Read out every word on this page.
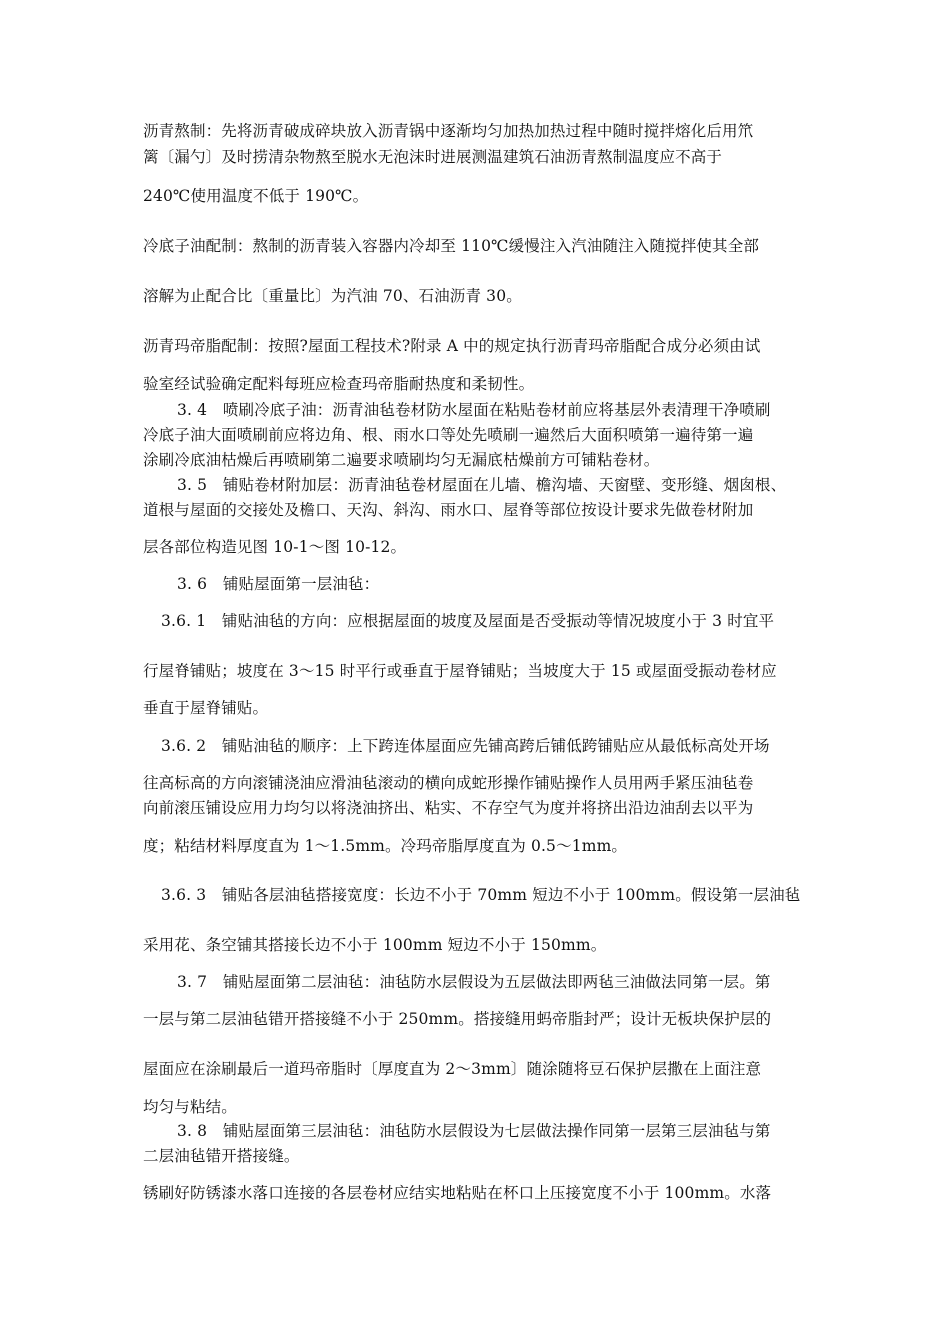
沥青熬制：先将沥青破成碎块放入沥青锅中逐渐均匀加热加热过程中随时搅拌熔化后用笊
篱〔漏勺〕及时捞清杂物熬至脱水无泡沫时进展测温建筑石油沥青熬制温度应不高于
240℃使用温度不低于 190℃。
冷底子油配制：熬制的沥青装入容器内冷却至 110℃缓慢注入汽油随注入随搅拌使其全部
溶解为止配合比〔重量比〕为汽油 70、石油沥青 30。
沥青玛帝脂配制：按照?屋面工程技术?附录 A 中的规定执行沥青玛帝脂配合成分必须由试
验室经试验确定配料每班应检查玛帝脂耐热度和柔韧性。
3. 4　喷刷冷底子油：沥青油毡卷材防水屋面在粘贴卷材前应将基层外表清理干净喷刷
冷底子油大面喷刷前应将边角、根、雨水口等处先喷刷一遍然后大面积喷第一遍待第一遍
涂刷冷底油枯燥后再喷刷第二遍要求喷刷均匀无漏底枯燥前方可铺粘卷材。
3. 5　铺贴卷材附加层：沥青油毡卷材屋面在儿墙、檐沟墙、天窗壁、变形缝、烟囱根、
道根与屋面的交接处及檐口、天沟、斜沟、雨水口、屋脊等部位按设计要求先做卷材附加
层各部位构造见图 10-1～图 10-12。
3. 6　铺贴屋面第一层油毡：
3.6. 1　铺贴油毡的方向：应根据屋面的坡度及屋面是否受振动等情况坡度小于 3 时宜平
行屋脊铺贴；坡度在 3～15 时平行或垂直于屋脊铺贴；当坡度大于 15 或屋面受振动卷材应
垂直于屋脊铺贴。
3.6. 2　铺贴油毡的顺序：上下跨连体屋面应先铺高跨后铺低跨铺贴应从最低标高处开场
往高标高的方向滚铺浇油应滑油毡滚动的横向成蛇形操作铺贴操作人员用两手紧压油毡卷
向前滚压铺设应用力均匀以将浇油挤出、粘实、不存空气为度并将挤出沿边油刮去以平为
度；粘结材料厚度直为 1～1.5mm。冷玛帝脂厚度直为 0.5～1mm。
3.6. 3　铺贴各层油毡搭接宽度：长边不小于 70mm 短边不小于 100mm。假设第一层油毡
采用花、条空铺其搭接长边不小于 100mm 短边不小于 150mm。
3. 7　铺贴屋面第二层油毡：油毡防水层假设为五层做法即两毡三油做法同第一层。第
一层与第二层油毡错开搭接缝不小于 250mm。搭接缝用蚂帝脂封严；设计无板块保护层的
屋面应在涂刷最后一道玛帝脂时〔厚度直为 2～3mm〕随涂随将豆石保护层撒在上面注意
均匀与粘结。
3. 8　铺贴屋面第三层油毡：油毡防水层假设为七层做法操作同第一层第三层油毡与第
二层油毡错开搭接缝。
锈刷好防锈漆水落口连接的各层卷材应结实地粘贴在杯口上压接宽度不小于 100mm。水落
